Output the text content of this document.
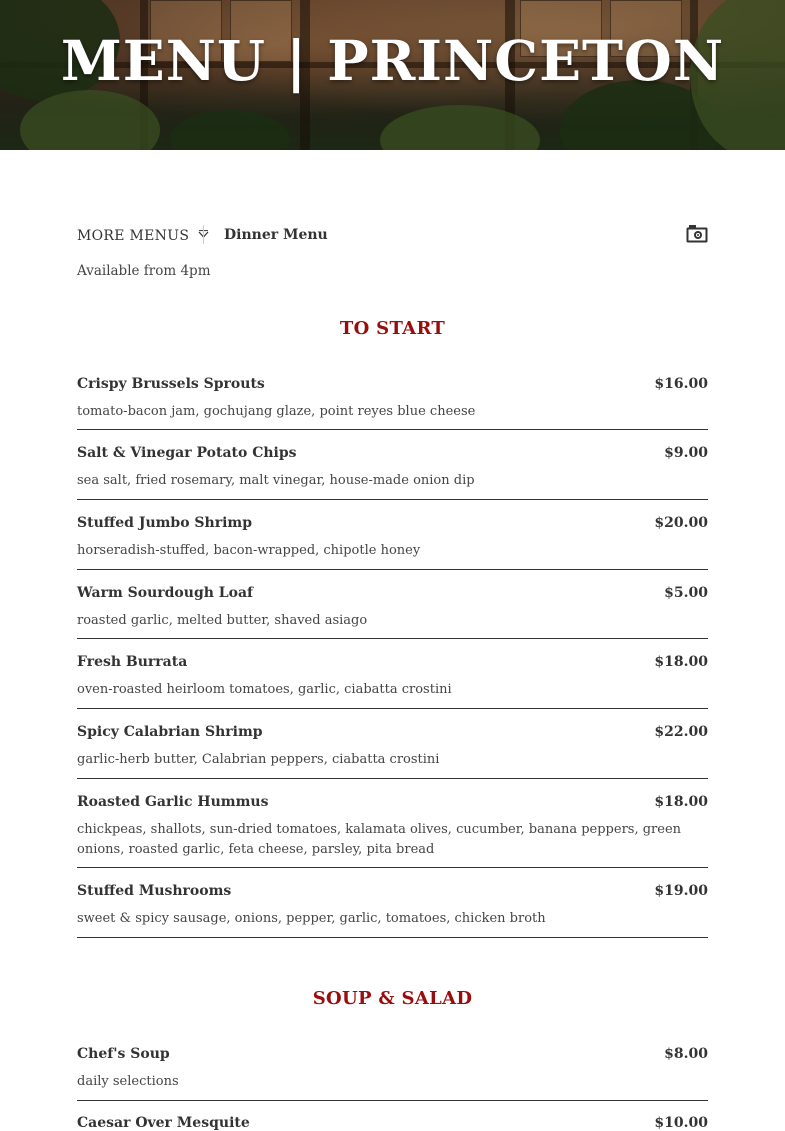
MENU | PRINCETON
MORE MENUS	Dinner Menu
Available from 4pm
TO START
Crispy Brussels Sprouts	$16.00
tomato-bacon jam, gochujang glaze, point reyes blue cheese
Salt & Vinegar Potato Chips	$9.00
sea salt, fried rosemary, malt vinegar, house-made onion dip
Stuffed Jumbo Shrimp	$20.00
horseradish-stuffed, bacon-wrapped, chipotle honey
Warm Sourdough Loaf	$5.00
roasted garlic, melted butter, shaved asiago
Fresh Burrata	$18.00
oven-roasted heirloom tomatoes, garlic, ciabatta crostini
Spicy Calabrian Shrimp	$22.00
garlic-herb butter, Calabrian peppers, ciabatta crostini
Roasted Garlic Hummus	$18.00
chickpeas, shallots, sun-dried tomatoes, kalamata olives, cucumber, banana peppers, green onions, roasted garlic, feta cheese, parsley, pita bread
Stuffed Mushrooms	$19.00
sweet & spicy sausage, onions, pepper, garlic, tomatoes, chicken broth
SOUP & SALAD
Chef's Soup	$8.00
daily selections
Caesar Over Mesquite	$10.00
